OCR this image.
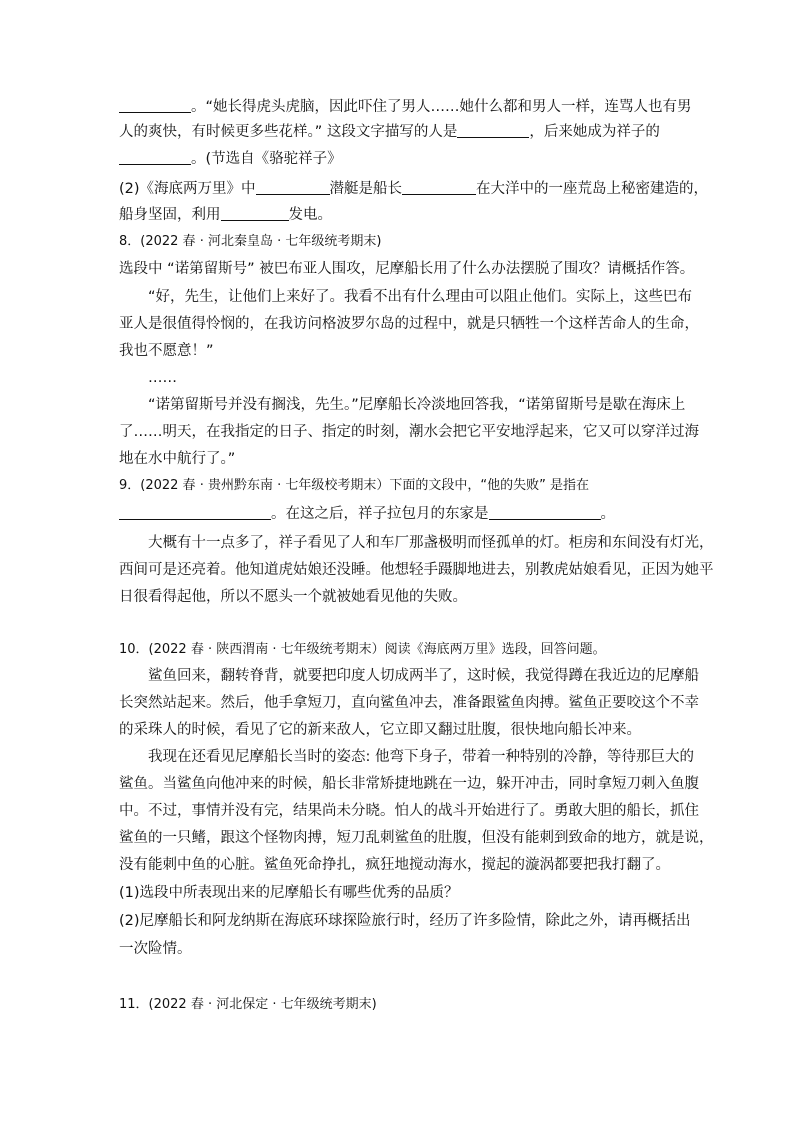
。“她长得虎头虎脑，因此吓住了男人……她什么都和男人一样，连骂人也有男
人的爽快，有时候更多些花样。” 这段文字描写的人是	，后来她成为祥子的
。(节选自《骆驼祥子》
(2)《海底两万里》中	潜艇是船长	在大洋中的一座荒岛上秘密建造的，
船身坚固，利用	发电。
8．(2022 春 · 河北秦皇岛 · 七年级统考期末)
选段中 “诺第留斯号” 被巴布亚人围攻，尼摩船长用了什么办法摆脱了围攻？请概括作答。
“好，先生，让他们上来好了。我看不出有什么理由可以阻止他们。实际上，这些巴布
亚人是很值得怜悯的，在我访问格波罗尔岛的过程中，就是只牺牲一个这样苦命人的生命，
我也不愿意！”
……
“诺第留斯号并没有搁浅，先生。”尼摩船长冷淡地回答我，“诺第留斯号是歇在海床上
了……明天，在我指定的日子、指定的时刻，潮水会把它平安地浮起来，它又可以穿洋过海
地在水中航行了。”
9．(2022 春 · 贵州黔东南 · 七年级校考期末）下面的文段中，“他的失败” 是指在
。在这之后，祥子拉包月的东家是	。
大概有十一点多了，祥子看见了人和车厂那盏极明而怪孤单的灯。柜房和东间没有灯光，
西间可是还亮着。他知道虎姑娘还没睡。他想轻手蹑脚地进去，别教虎姑娘看见，正因为她平
日很看得起他，所以不愿头一个就被她看见他的失败。
10．(2022 春 · 陕西渭南 · 七年级统考期末）阅读《海底两万里》选段，回答问题。
鲨鱼回来，翻转脊背，就要把印度人切成两半了，这时候，我觉得蹲在我近边的尼摩船
长突然站起来。然后，他手拿短刀，直向鲨鱼冲去，准备跟鲨鱼肉搏。鲨鱼正要咬这个不幸
的采珠人的时候，看见了它的新来敌人，它立即又翻过肚腹，很快地向船长冲来。
我现在还看见尼摩船长当时的姿态: 他弯下身子，带着一种特别的冷静，等待那巨大的
鲨鱼。当鲨鱼向他冲来的时候，船长非常矫捷地跳在一边，躲开冲击，同时拿短刀刺入鱼腹
中。不过，事情并没有完，结果尚未分晓。怕人的战斗开始进行了。勇敢大胆的船长，抓住
鲨鱼的一只鳍，跟这个怪物肉搏，短刀乱刺鲨鱼的肚腹，但没有能刺到致命的地方，就是说，
没有能刺中鱼的心脏。鲨鱼死命挣扎，疯狂地搅动海水，搅起的漩涡都要把我打翻了。
(1)选段中所表现出来的尼摩船长有哪些优秀的品质？
(2)尼摩船长和阿龙纳斯在海底环球探险旅行时，经历了许多险情，除此之外，请再概括出
一次险情。
11．(2022 春 · 河北保定 · 七年级统考期末)
